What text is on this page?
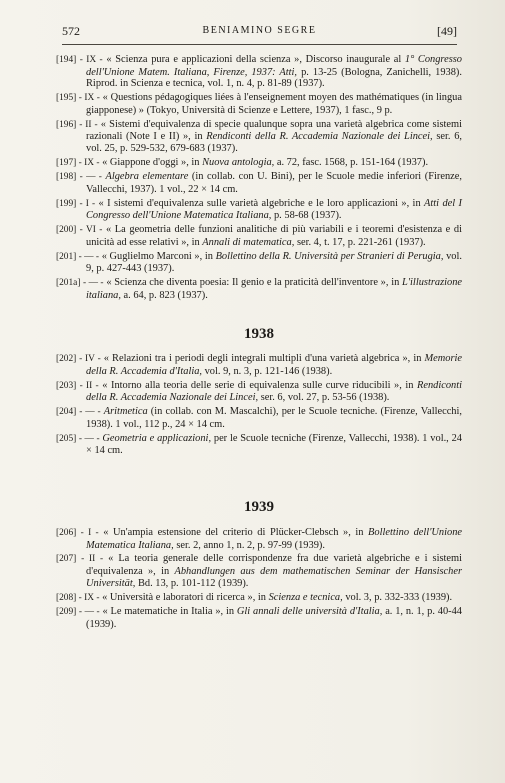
572	BENIAMINO SEGRE	[49]
[194] - IX - « Scienza pura e applicazioni della scienza », Discorso inaugurale al 1° Congresso dell'Unione Matem. Italiana, Firenze, 1937: Atti, p. 13-25 (Bologna, Zanichelli, 1938). Riprod. in Scienza e tecnica, vol. 1, n. 4, p. 81-89 (1937).
[195] - IX - « Questions pédagogiques liées à l'enseignement moyen des mathématiques (in lingua giapponese) » (Tokyo, Università di Scienze e Lettere, 1937), 1 fasc., 9 p.
[196] - II - « Sistemi d'equivalenza di specie qualunque sopra una varietà algebrica come sistemi razionali (Note I e II) », in Rendiconti della R. Accademia Nazionale dei Lincei, ser. 6, vol. 25, p. 529-532, 679-683 (1937).
[197] - IX - « Giappone d'oggi », in Nuova antologia, a. 72, fasc. 1568, p. 151-164 (1937).
[198] - — - Algebra elementare (in collab. con U. Bini), per le Scuole medie inferiori (Firenze, Vallecchi, 1937). 1 vol., 22 × 14 cm.
[199] - I - « I sistemi d'equivalenza sulle varietà algebriche e le loro applicazioni », in Atti del I Congresso dell'Unione Matematica Italiana, p. 58-68 (1937).
[200] - VI - « La geometria delle funzioni analitiche di più variabili e i teoremi d'esistenza e di unicità ad esse relativi », in Annali di matematica, ser. 4, t. 17, p. 221-261 (1937).
[201] - — - « Guglielmo Marconi », in Bollettino della R. Università per Stranieri di Perugia, vol. 9, p. 427-443 (1937).
[201a] - — - « Scienza che diventa poesia: Il genio e la praticità dell'inventore », in L'illustrazione italiana, a. 64, p. 823 (1937).
1938
[202] - IV - « Relazioni tra i periodi degli integrali multipli d'una varietà algebrica », in Memorie della R. Accademia d'Italia, vol. 9, n. 3, p. 121-146 (1938).
[203] - II - « Intorno alla teoria delle serie di equivalenza sulle curve riducibili », in Rendiconti della R. Accademia Nazionale dei Lincei, ser. 6, vol. 27, p. 53-56 (1938).
[204] - — - Aritmetica (in collab. con M. Mascalchi), per le Scuole tecniche. (Firenze, Vallecchi, 1938). 1 vol., 112 p., 24 × 14 cm.
[205] - — - Geometria e applicazioni, per le Scuole tecniche (Firenze, Vallecchi, 1938). 1 vol., 24 × 14 cm.
1939
[206] - I - « Un'ampia estensione del criterio di Plücker-Clebsch », in Bollettino dell'Unione Matematica Italiana, ser. 2, anno 1, n. 2, p. 97-99 (1939).
[207] - II - « La teoria generale delle corrispondenze fra due varietà algebriche e i sistemi d'equivalenza », in Abhandlungen aus dem mathematischen Seminar der Hansischer Universität, Bd. 13, p. 101-112 (1939).
[208] - IX - « Università e laboratori di ricerca », in Scienza e tecnica, vol. 3, p. 332-333 (1939).
[209] - — - « Le matematiche in Italia », in Gli annali delle università d'Italia, a. 1, n. 1, p. 40-44 (1939).
